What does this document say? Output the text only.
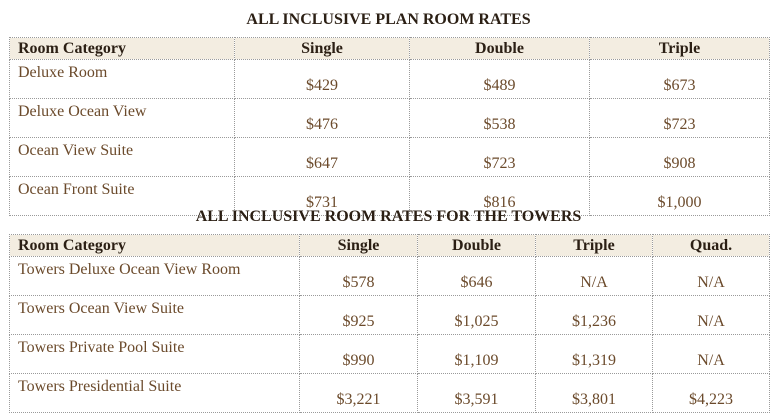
ALL INCLUSIVE PLAN ROOM RATES
Room Category	Single	Double	Triple
Deluxe Room	$429	$489	$673
Deluxe Ocean View	$476	$538	$723
Ocean View Suite	$647	$723	$908
Ocean Front Suite	$731	$816	$1,000
ALL INCLUSIVE ROOM RATES FOR THE TOWERS
Room Category	Single	Double	Triple	Quad.
Towers Deluxe Ocean View Room	$578	$646	N/A	N/A
Towers Ocean View Suite	$925	$1,025	$1,236	N/A
Towers Private Pool Suite	$990	$1,109	$1,319	N/A
Towers Presidential Suite	$3,221	$3,591	$3,801	$4,223
